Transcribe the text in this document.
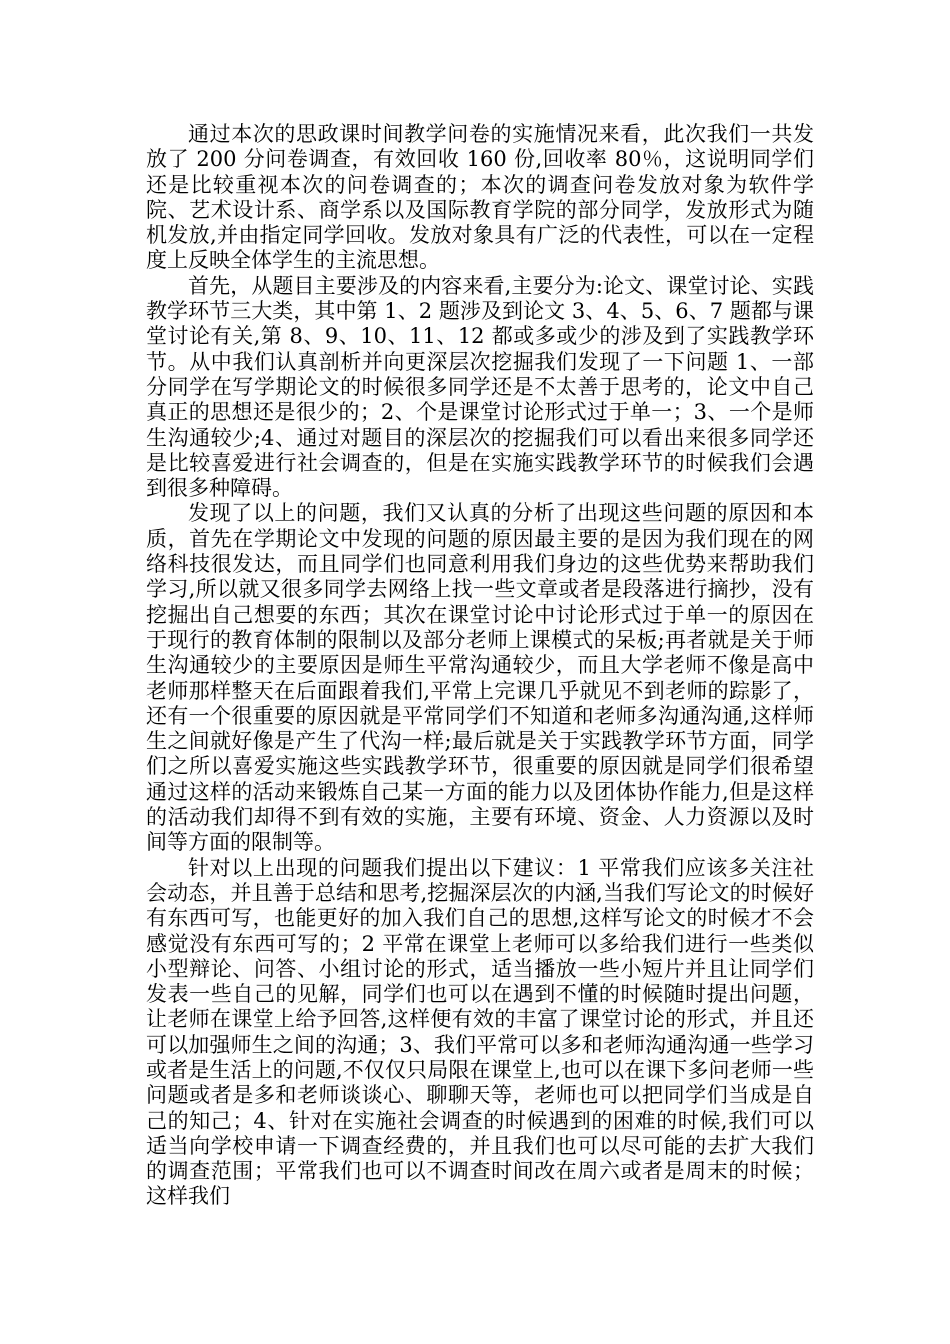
通过本次的思政课时间教学问卷的实施情况来看，此次我们一共发放了 200 分问卷调查，有效回收 160 份,回收率 80％，这说明同学们还是比较重视本次的问卷调查的；本次的调查问卷发放对象为软件学院、艺术设计系、商学系以及国际教育学院的部分同学，发放形式为随机发放,并由指定同学回收。发放对象具有广泛的代表性，可以在一定程度上反映全体学生的主流思想。

首先，从题目主要涉及的内容来看,主要分为:论文、课堂讨论、实践教学环节三大类，其中第 1、2 题涉及到论文 3、4、5、6、7 题都与课堂讨论有关,第 8、9、10、11、12 都或多或少的涉及到了实践教学环节。从中我们认真剖析并向更深层次挖掘我们发现了一下问题 1、一部分同学在写学期论文的时候很多同学还是不太善于思考的，论文中自己真正的思想还是很少的；2、个是课堂讨论形式过于单一；3、一个是师生沟通较少;4、通过对题目的深层次的挖掘我们可以看出来很多同学还是比较喜爱进行社会调查的，但是在实施实践教学环节的时候我们会遇到很多种障碍。

发现了以上的问题，我们又认真的分析了出现这些问题的原因和本质，首先在学期论文中发现的问题的原因最主要的是因为我们现在的网络科技很发达，而且同学们也同意利用我们身边的这些优势来帮助我们学习,所以就又很多同学去网络上找一些文章或者是段落进行摘抄，没有挖掘出自己想要的东西；其次在课堂讨论中讨论形式过于单一的原因在于现行的教育体制的限制以及部分老师上课模式的呆板;再者就是关于师生沟通较少的主要原因是师生平常沟通较少，而且大学老师不像是高中老师那样整天在后面跟着我们,平常上完课几乎就见不到老师的踪影了，还有一个很重要的原因就是平常同学们不知道和老师多沟通沟通,这样师生之间就好像是产生了代沟一样;最后就是关于实践教学环节方面，同学们之所以喜爱实施这些实践教学环节，很重要的原因就是同学们很希望通过这样的活动来锻炼自己某一方面的能力以及团体协作能力,但是这样的活动我们却得不到有效的实施，主要有环境、资金、人力资源以及时间等方面的限制等。

针对以上出现的问题我们提出以下建议：1 平常我们应该多关注社会动态，并且善于总结和思考,挖掘深层次的内涵,当我们写论文的时候好有东西可写，也能更好的加入我们自己的思想,这样写论文的时候才不会感觉没有东西可写的；2 平常在课堂上老师可以多给我们进行一些类似小型辩论、问答、小组讨论的形式，适当播放一些小短片并且让同学们发表一些自己的见解，同学们也可以在遇到不懂的时候随时提出问题，让老师在课堂上给予回答,这样便有效的丰富了课堂讨论的形式，并且还可以加强师生之间的沟通；3、我们平常可以多和老师沟通沟通一些学习或者是生活上的问题,不仅仅只局限在课堂上,也可以在课下多问老师一些问题或者是多和老师谈谈心、聊聊天等，老师也可以把同学们当成是自己的知己；4、针对在实施社会调查的时候遇到的困难的时候,我们可以适当向学校申请一下调查经费的，并且我们也可以尽可能的去扩大我们的调查范围；平常我们也可以不调查时间改在周六或者是周末的时候；这样我们
